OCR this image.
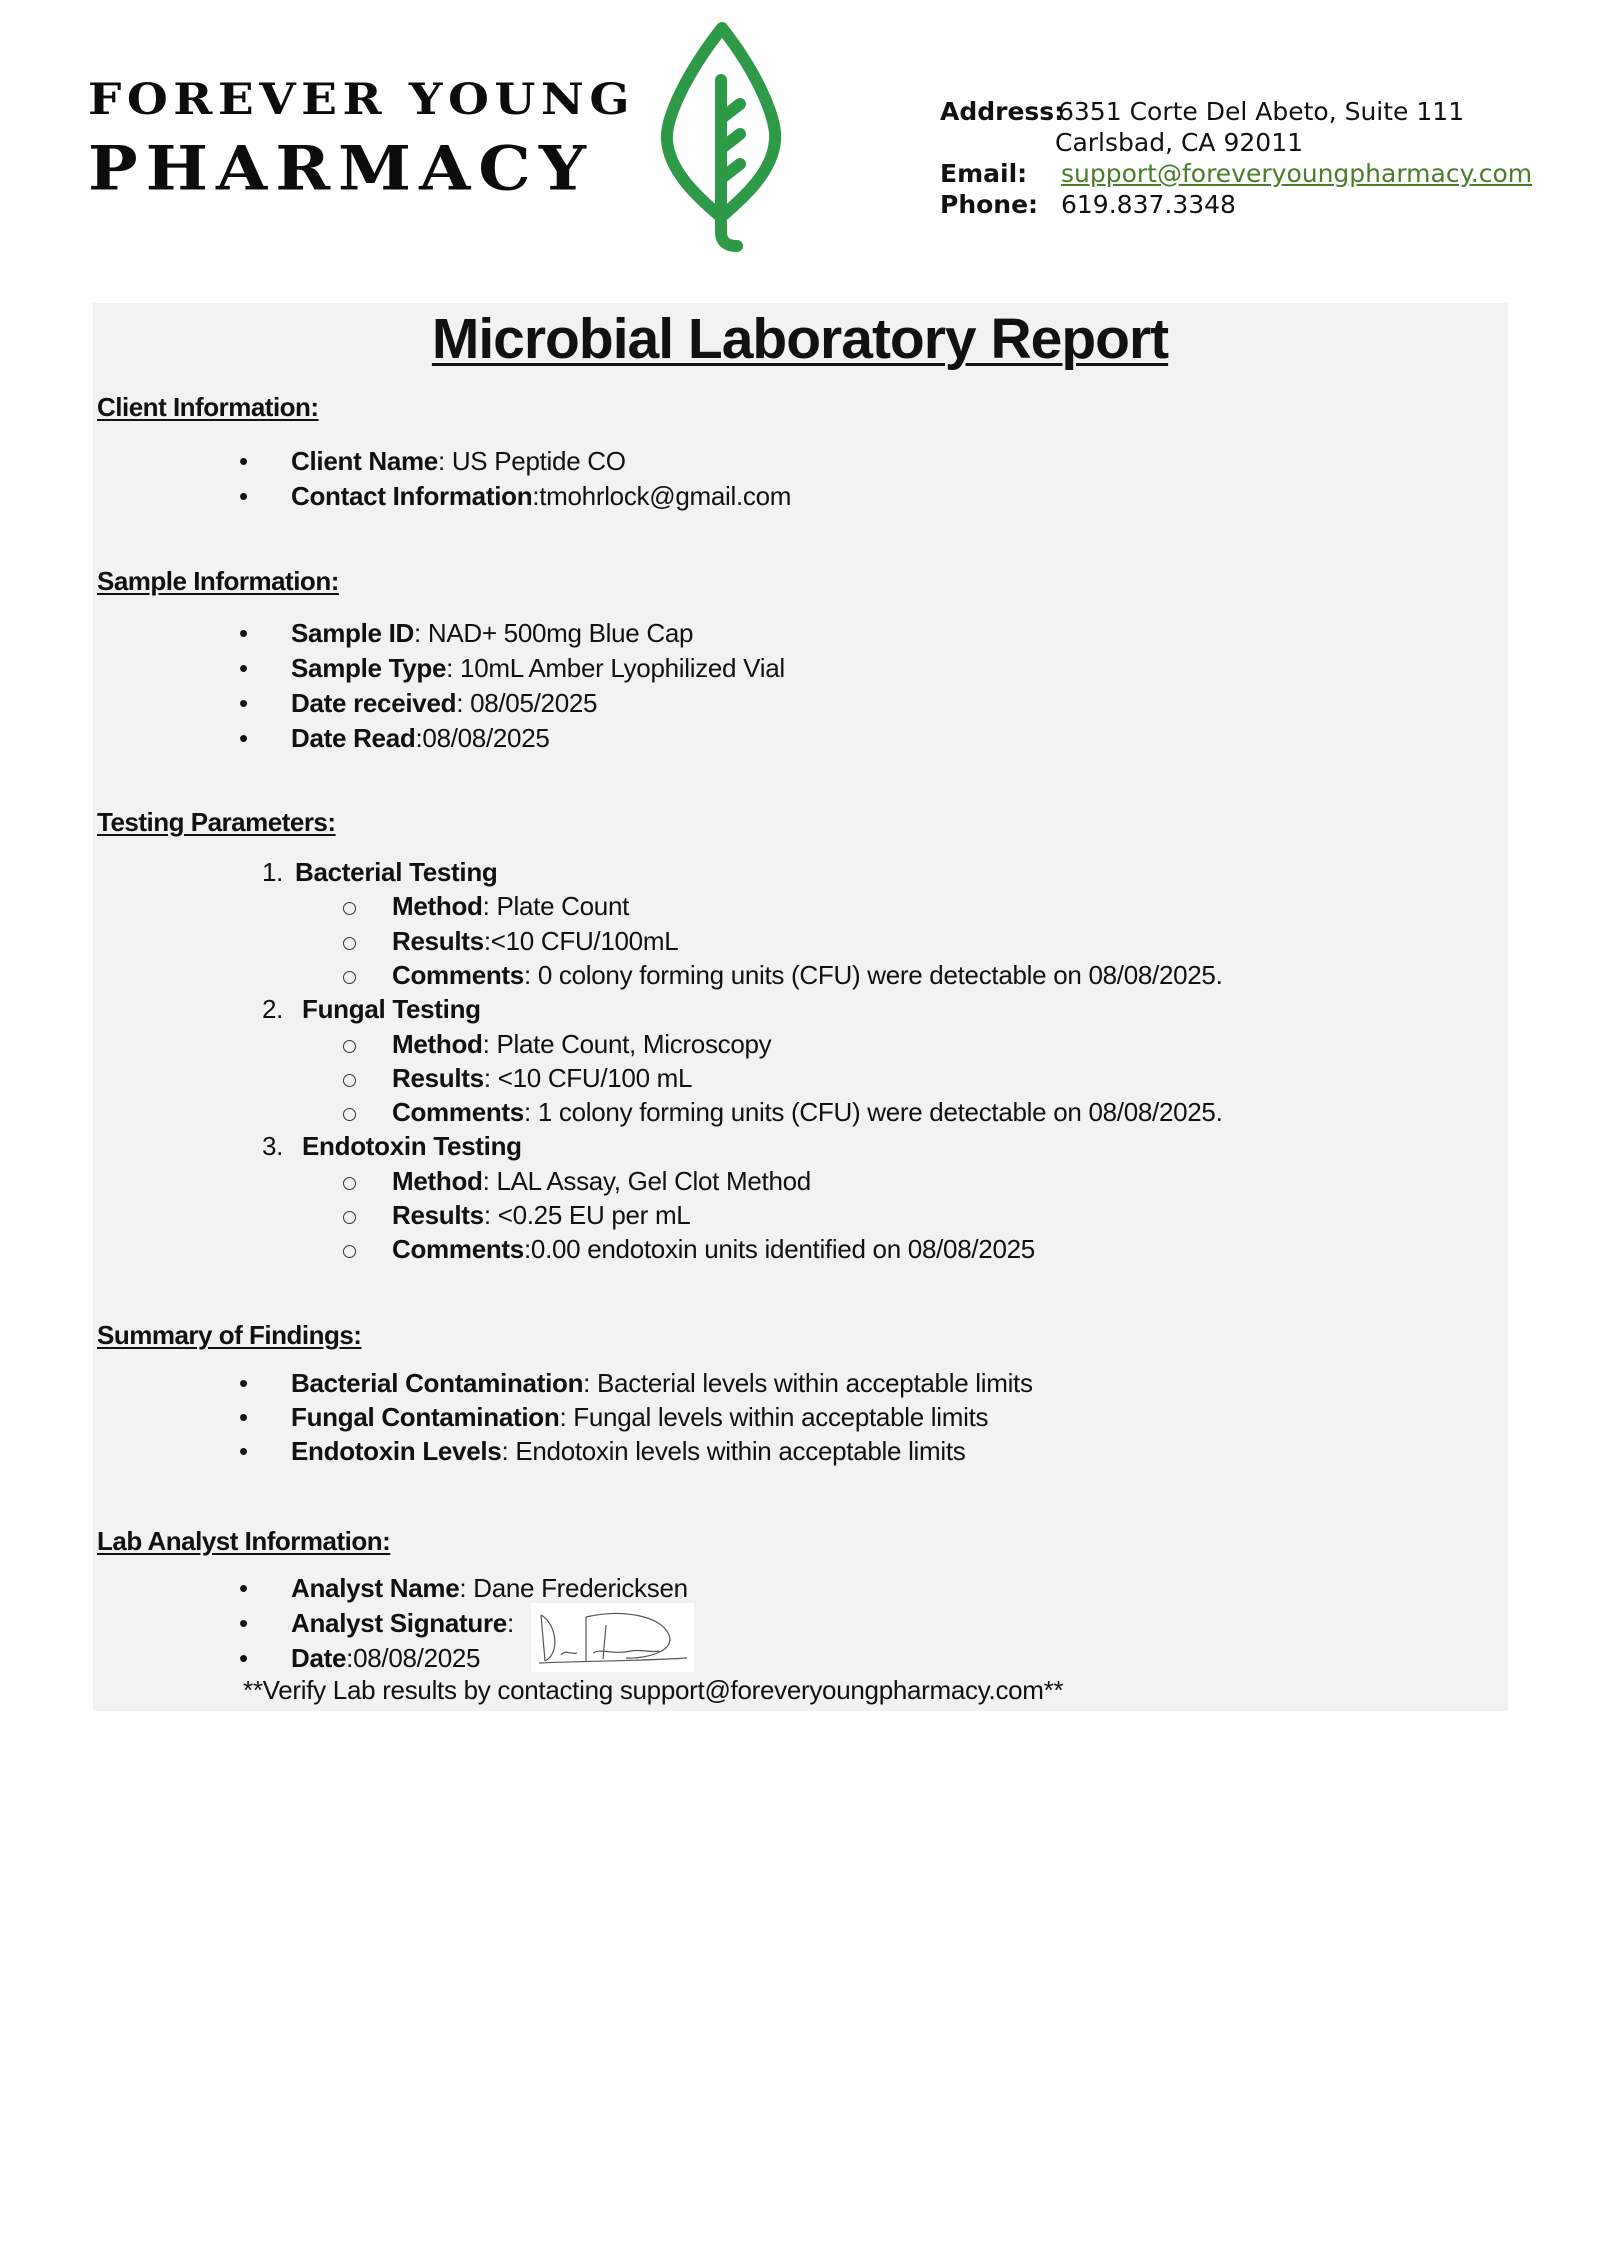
FOREVER YOUNG
PHARMACY
Address:
6351 Corte Del Abeto, Suite 111
Carlsbad, CA 92011
Email: support@foreveryoungpharmacy.com
Phone: 619.837.3348
Microbial Laboratory Report
Client Information:
• Client Name: US Peptide CO
• Contact Information:tmohrlock@gmail.com
Sample Information:
• Sample ID: NAD+ 500mg Blue Cap
• Sample Type: 10mL Amber Lyophilized Vial
• Date received: 08/05/2025
• Date Read:08/08/2025
Testing Parameters:
1. Bacterial Testing
Method: Plate Count
Results:<10 CFU/100mL
Comments: 0 colony forming units (CFU) were detectable on 08/08/2025.
2. Fungal Testing
Method: Plate Count, Microscopy
Results: <10 CFU/100 mL
Comments: 1 colony forming units (CFU) were detectable on 08/08/2025.
3. Endotoxin Testing
Method: LAL Assay, Gel Clot Method
Results: <0.25 EU per mL
Comments:0.00 endotoxin units identified on 08/08/2025
Summary of Findings:
• Bacterial Contamination: Bacterial levels within acceptable limits
• Fungal Contamination: Fungal levels within acceptable limits
• Endotoxin Levels: Endotoxin levels within acceptable limits
Lab Analyst Information:
• Analyst Name: Dane Fredericksen
• Analyst Signature:
• Date:08/08/2025
**Verify Lab results by contacting support@foreveryoungpharmacy.com**
